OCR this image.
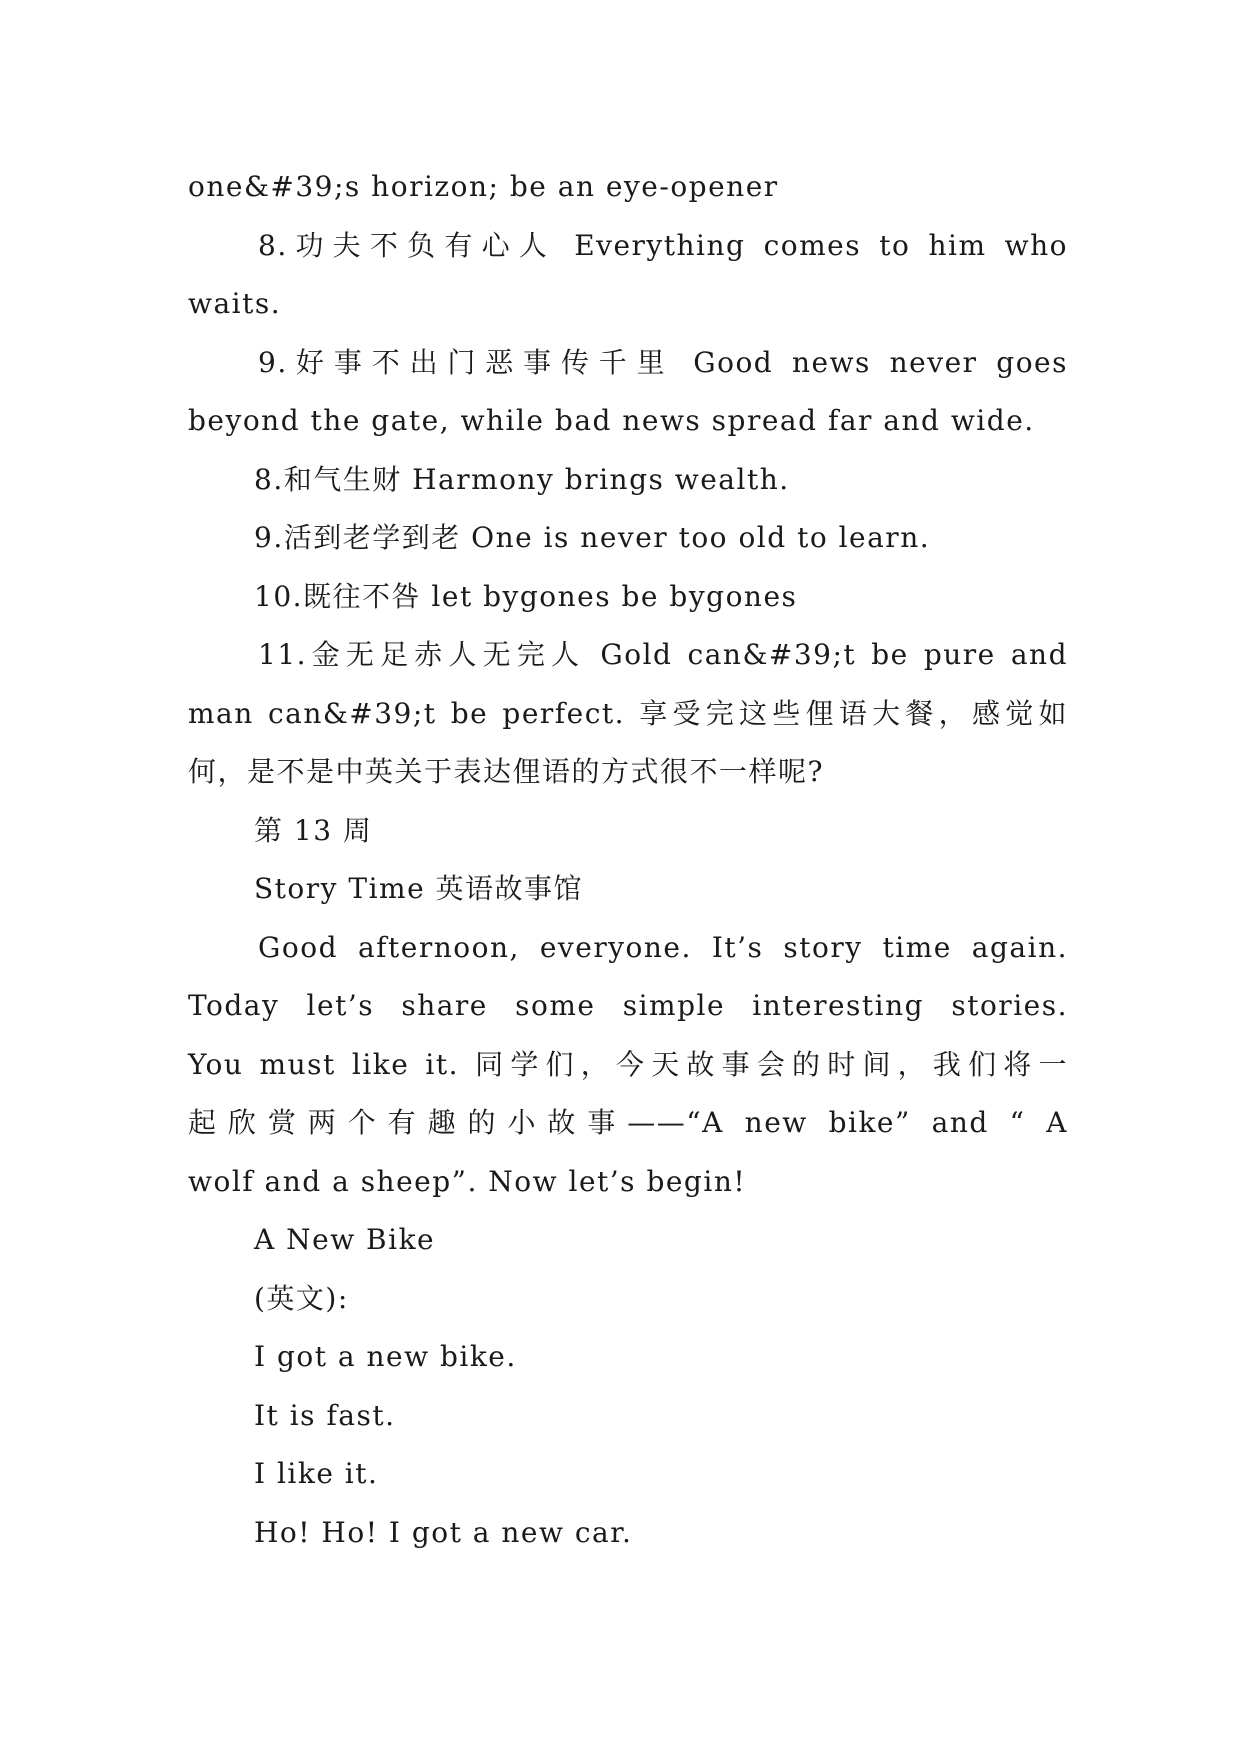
one&#39;s horizon; be an eye-opener
8.功夫不负有心人 Everything comes to him who
waits.
9.好事不出门恶事传千里 Good news never goes
beyond the gate, while bad news spread far and wide.
8.和气生财 Harmony brings wealth.
9.活到老学到老 One is never too old to learn.
10.既往不咎 let bygones be bygones
11.金无足赤人无完人 Gold can&#39;t be pure and
man can&#39;t be perfect. 享受完这些俚语大餐，感觉如
何，是不是中英关于表达俚语的方式很不一样呢?
第 13 周
Story Time 英语故事馆
Good afternoon, everyone. It’s story time again.
Today let’s share some simple interesting stories.
You must like it. 同学们，今天故事会的时间，我们将一
起欣赏两个有趣的小故事——“A new bike” and “ A
wolf and a sheep”. Now let’s begin!
A New Bike
(英文):
I got a new bike.
It is fast.
I like it.
Ho! Ho! I got a new car.
